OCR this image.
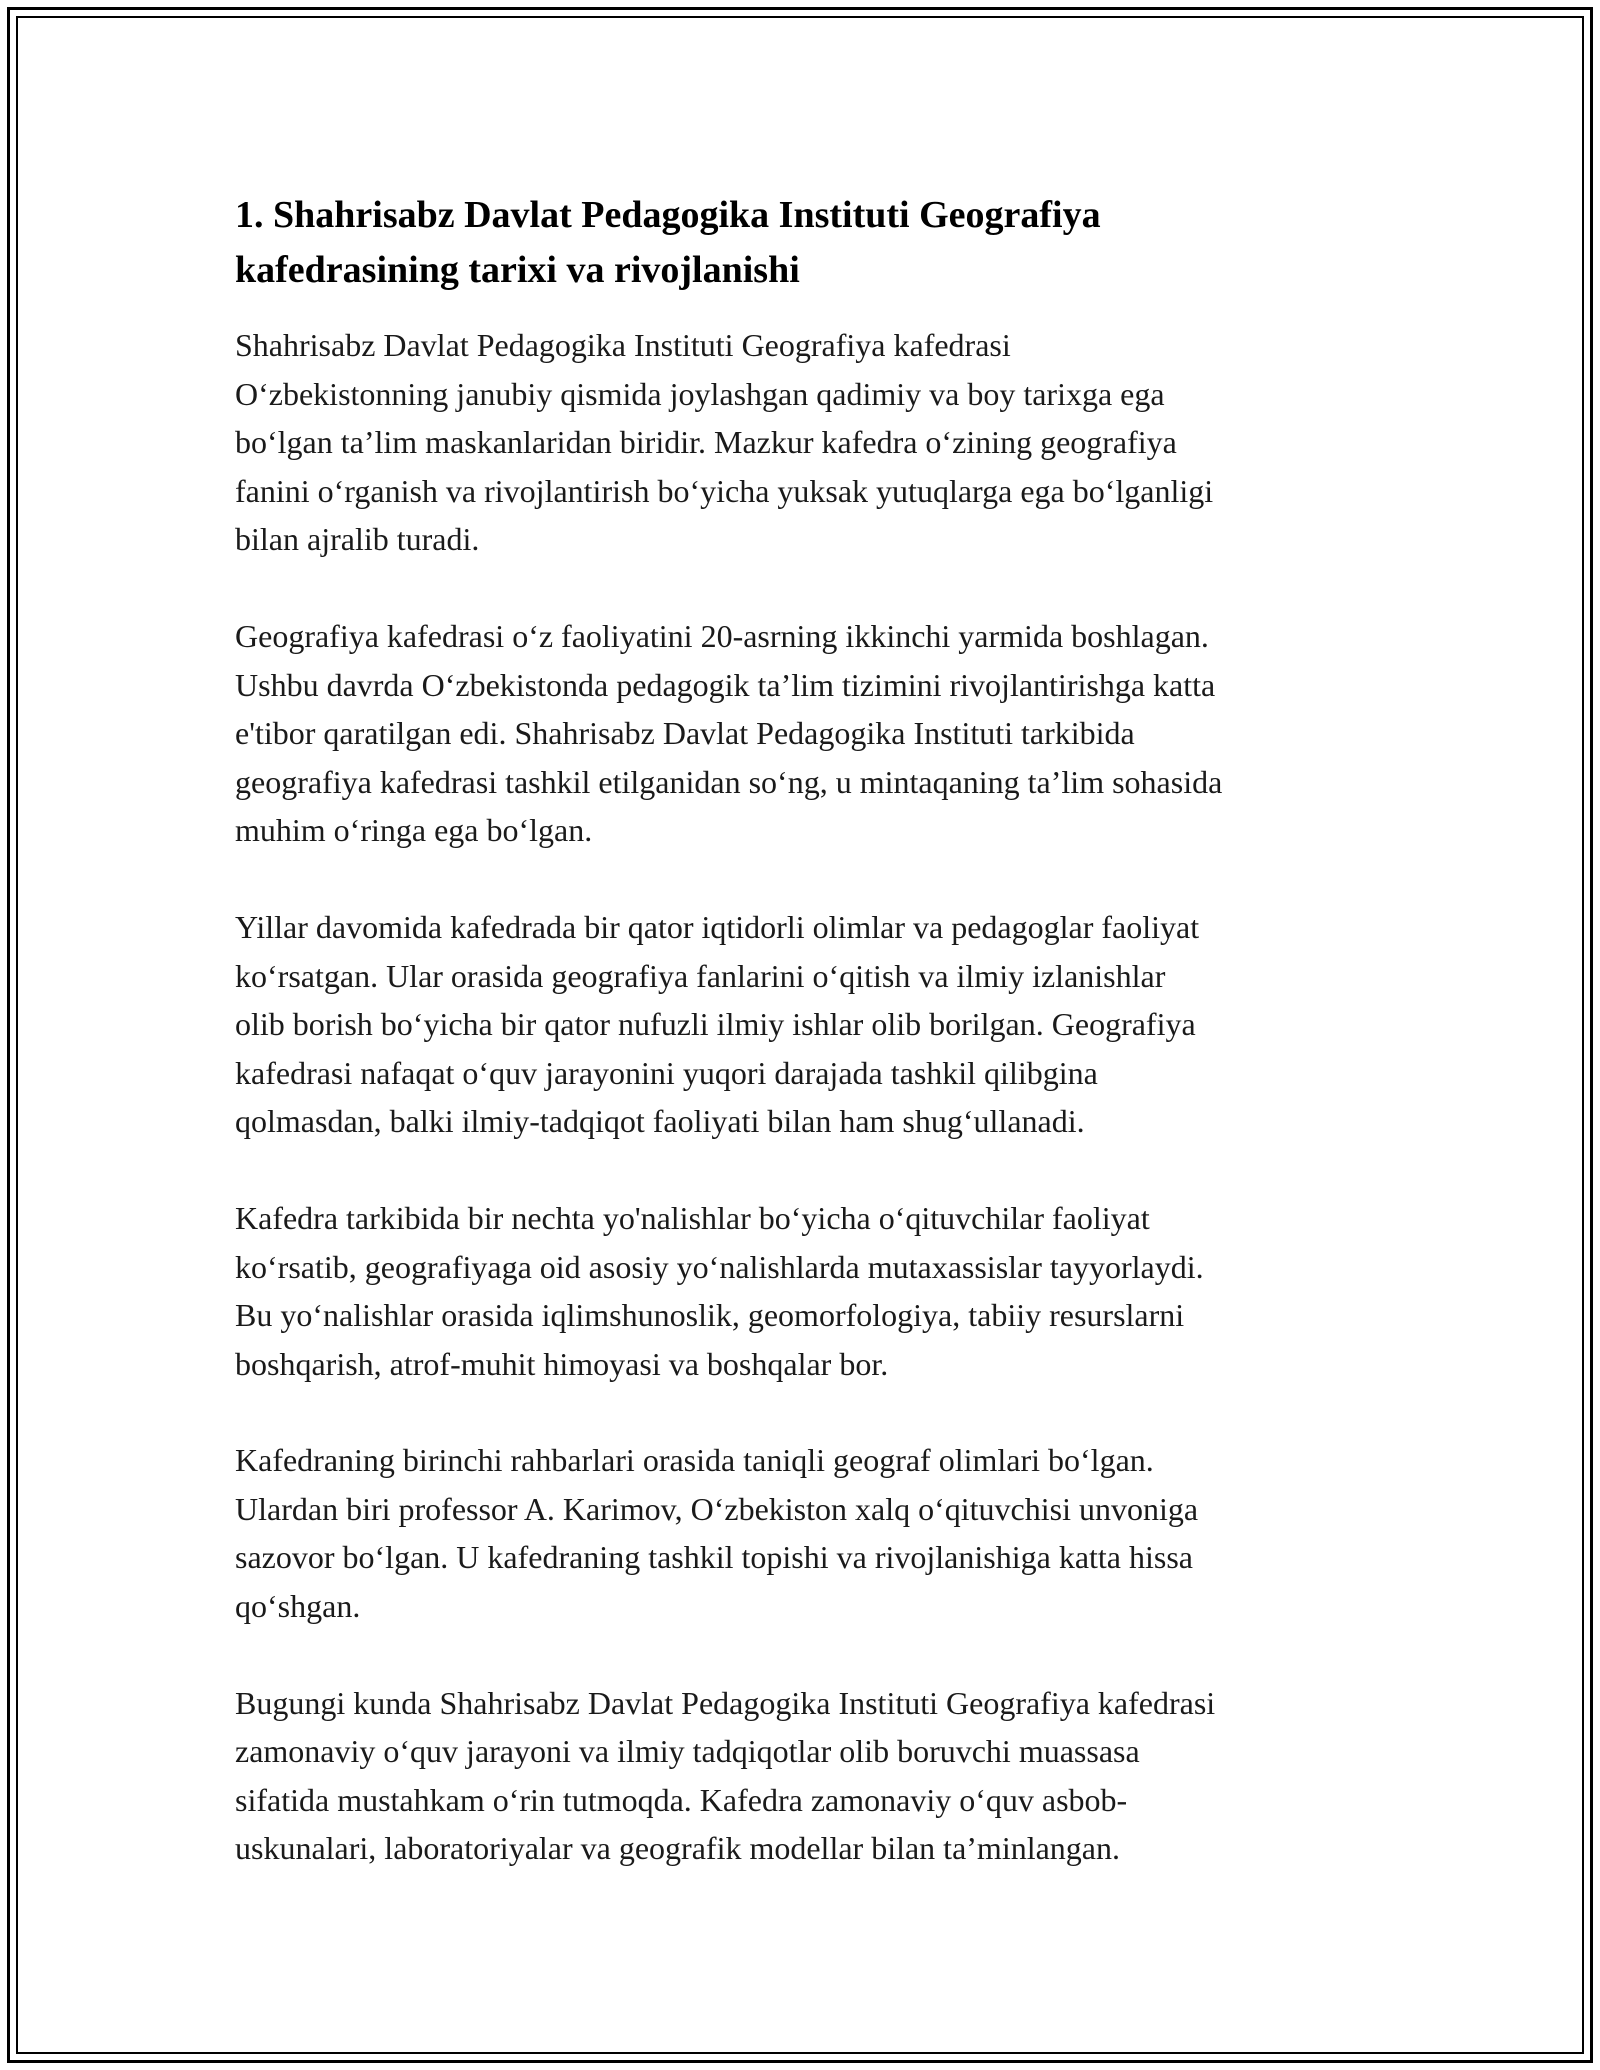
1. Shahrisabz Davlat Pedagogika Instituti Geografiya
kafedrasining tarixi va rivojlanishi

Shahrisabz Davlat Pedagogika Instituti Geografiya kafedrasi
O‘zbekistonning janubiy qismida joylashgan qadimiy va boy tarixga ega
bo‘lgan ta’lim maskanlaridan biridir. Mazkur kafedra o‘zining geografiya
fanini o‘rganish va rivojlantirish bo‘yicha yuksak yutuqlarga ega bo‘lganligi
bilan ajralib turadi.

Geografiya kafedrasi o‘z faoliyatini 20-asrning ikkinchi yarmida boshlagan.
Ushbu davrda O‘zbekistonda pedagogik ta’lim tizimini rivojlantirishga katta
e'tibor qaratilgan edi. Shahrisabz Davlat Pedagogika Instituti tarkibida
geografiya kafedrasi tashkil etilganidan so‘ng, u mintaqaning ta’lim sohasida
muhim o‘ringa ega bo‘lgan.

Yillar davomida kafedrada bir qator iqtidorli olimlar va pedagoglar faoliyat
ko‘rsatgan. Ular orasida geografiya fanlarini o‘qitish va ilmiy izlanishlar
olib borish bo‘yicha bir qator nufuzli ilmiy ishlar olib borilgan. Geografiya
kafedrasi nafaqat o‘quv jarayonini yuqori darajada tashkil qilibgina
qolmasdan, balki ilmiy-tadqiqot faoliyati bilan ham shug‘ullanadi.

Kafedra tarkibida bir nechta yo'nalishlar bo‘yicha o‘qituvchilar faoliyat
ko‘rsatib, geografiyaga oid asosiy yo‘nalishlarda mutaxassislar tayyorlaydi.
Bu yo‘nalishlar orasida iqlimshunoslik, geomorfologiya, tabiiy resurslarni
boshqarish, atrof-muhit himoyasi va boshqalar bor.

Kafedraning birinchi rahbarlari orasida taniqli geograf olimlari bo‘lgan.
Ulardan biri professor A. Karimov, O‘zbekiston xalq o‘qituvchisi unvoniga
sazovor bo‘lgan. U kafedraning tashkil topishi va rivojlanishiga katta hissa
qo‘shgan.

Bugungi kunda Shahrisabz Davlat Pedagogika Instituti Geografiya kafedrasi
zamonaviy o‘quv jarayoni va ilmiy tadqiqotlar olib boruvchi muassasa
sifatida mustahkam o‘rin tutmoqda. Kafedra zamonaviy o‘quv asbob-
uskunalari, laboratoriyalar va geografik modellar bilan ta’minlangan.
